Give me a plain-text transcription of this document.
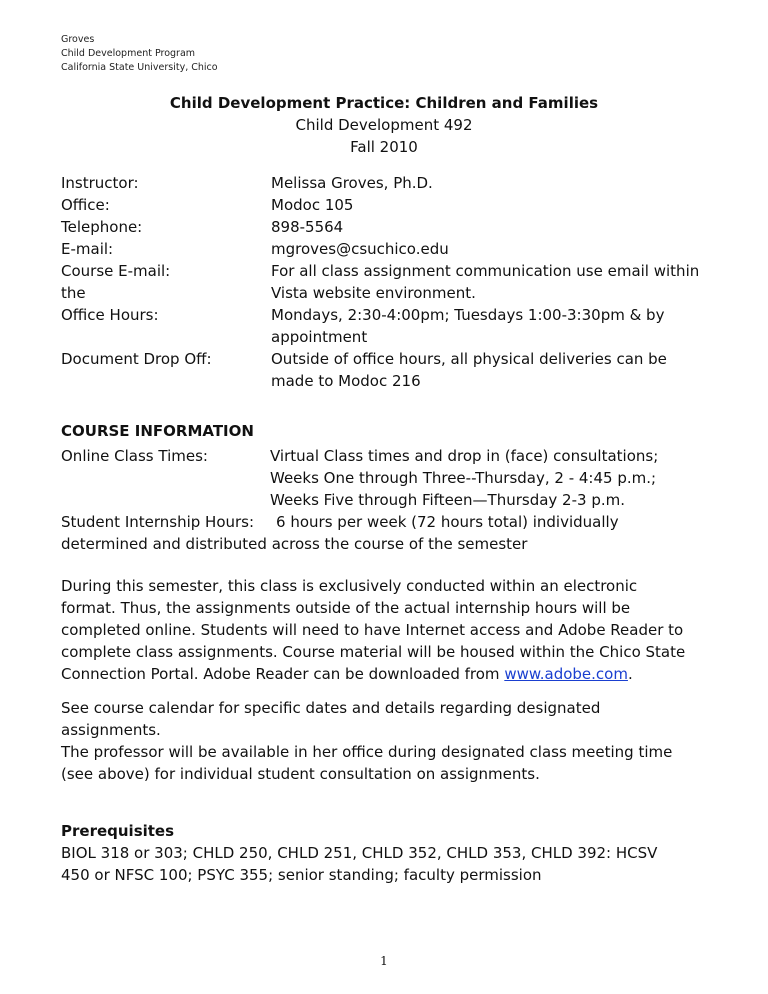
Groves
Child Development Program
California State University, Chico
Child Development Practice: Children and Families
Child Development 492
Fall 2010
Instructor:	Melissa Groves, Ph.D.
Office:	Modoc 105
Telephone:	898-5564
E-mail:	mgroves@csuchico.edu
Course E-mail:	For all class assignment communication use email within
the	Vista website environment.
Office Hours:	Mondays, 2:30-4:00pm; Tuesdays 1:00-3:30pm & by
appointment

Document Drop Off:	Outside of office hours, all physical deliveries can be
made to Modoc 216
COURSE INFORMATION
Online Class Times:	Virtual Class times and drop in (face) consultations;
Weeks One through Three--Thursday, 2 - 4:45 p.m.;
Weeks Five through Fifteen—Thursday 2-3 p.m.
Student Internship Hours: 6 hours per week (72 hours total) individually
determined and distributed across the course of the semester
During this semester, this class is exclusively conducted within an electronic
format. Thus, the assignments outside of the actual internship hours will be
completed online. Students will need to have Internet access and Adobe Reader to
complete class assignments. Course material will be housed within the Chico State
Connection Portal. Adobe Reader can be downloaded from www.adobe.com.
See course calendar for specific dates and details regarding designated
assignments.
The professor will be available in her office during designated class meeting time
(see above) for individual student consultation on assignments.
Prerequisites
BIOL 318 or 303; CHLD 250, CHLD 251, CHLD 352, CHLD 353, CHLD 392: HCSV
450 or NFSC 100; PSYC 355; senior standing; faculty permission
1
